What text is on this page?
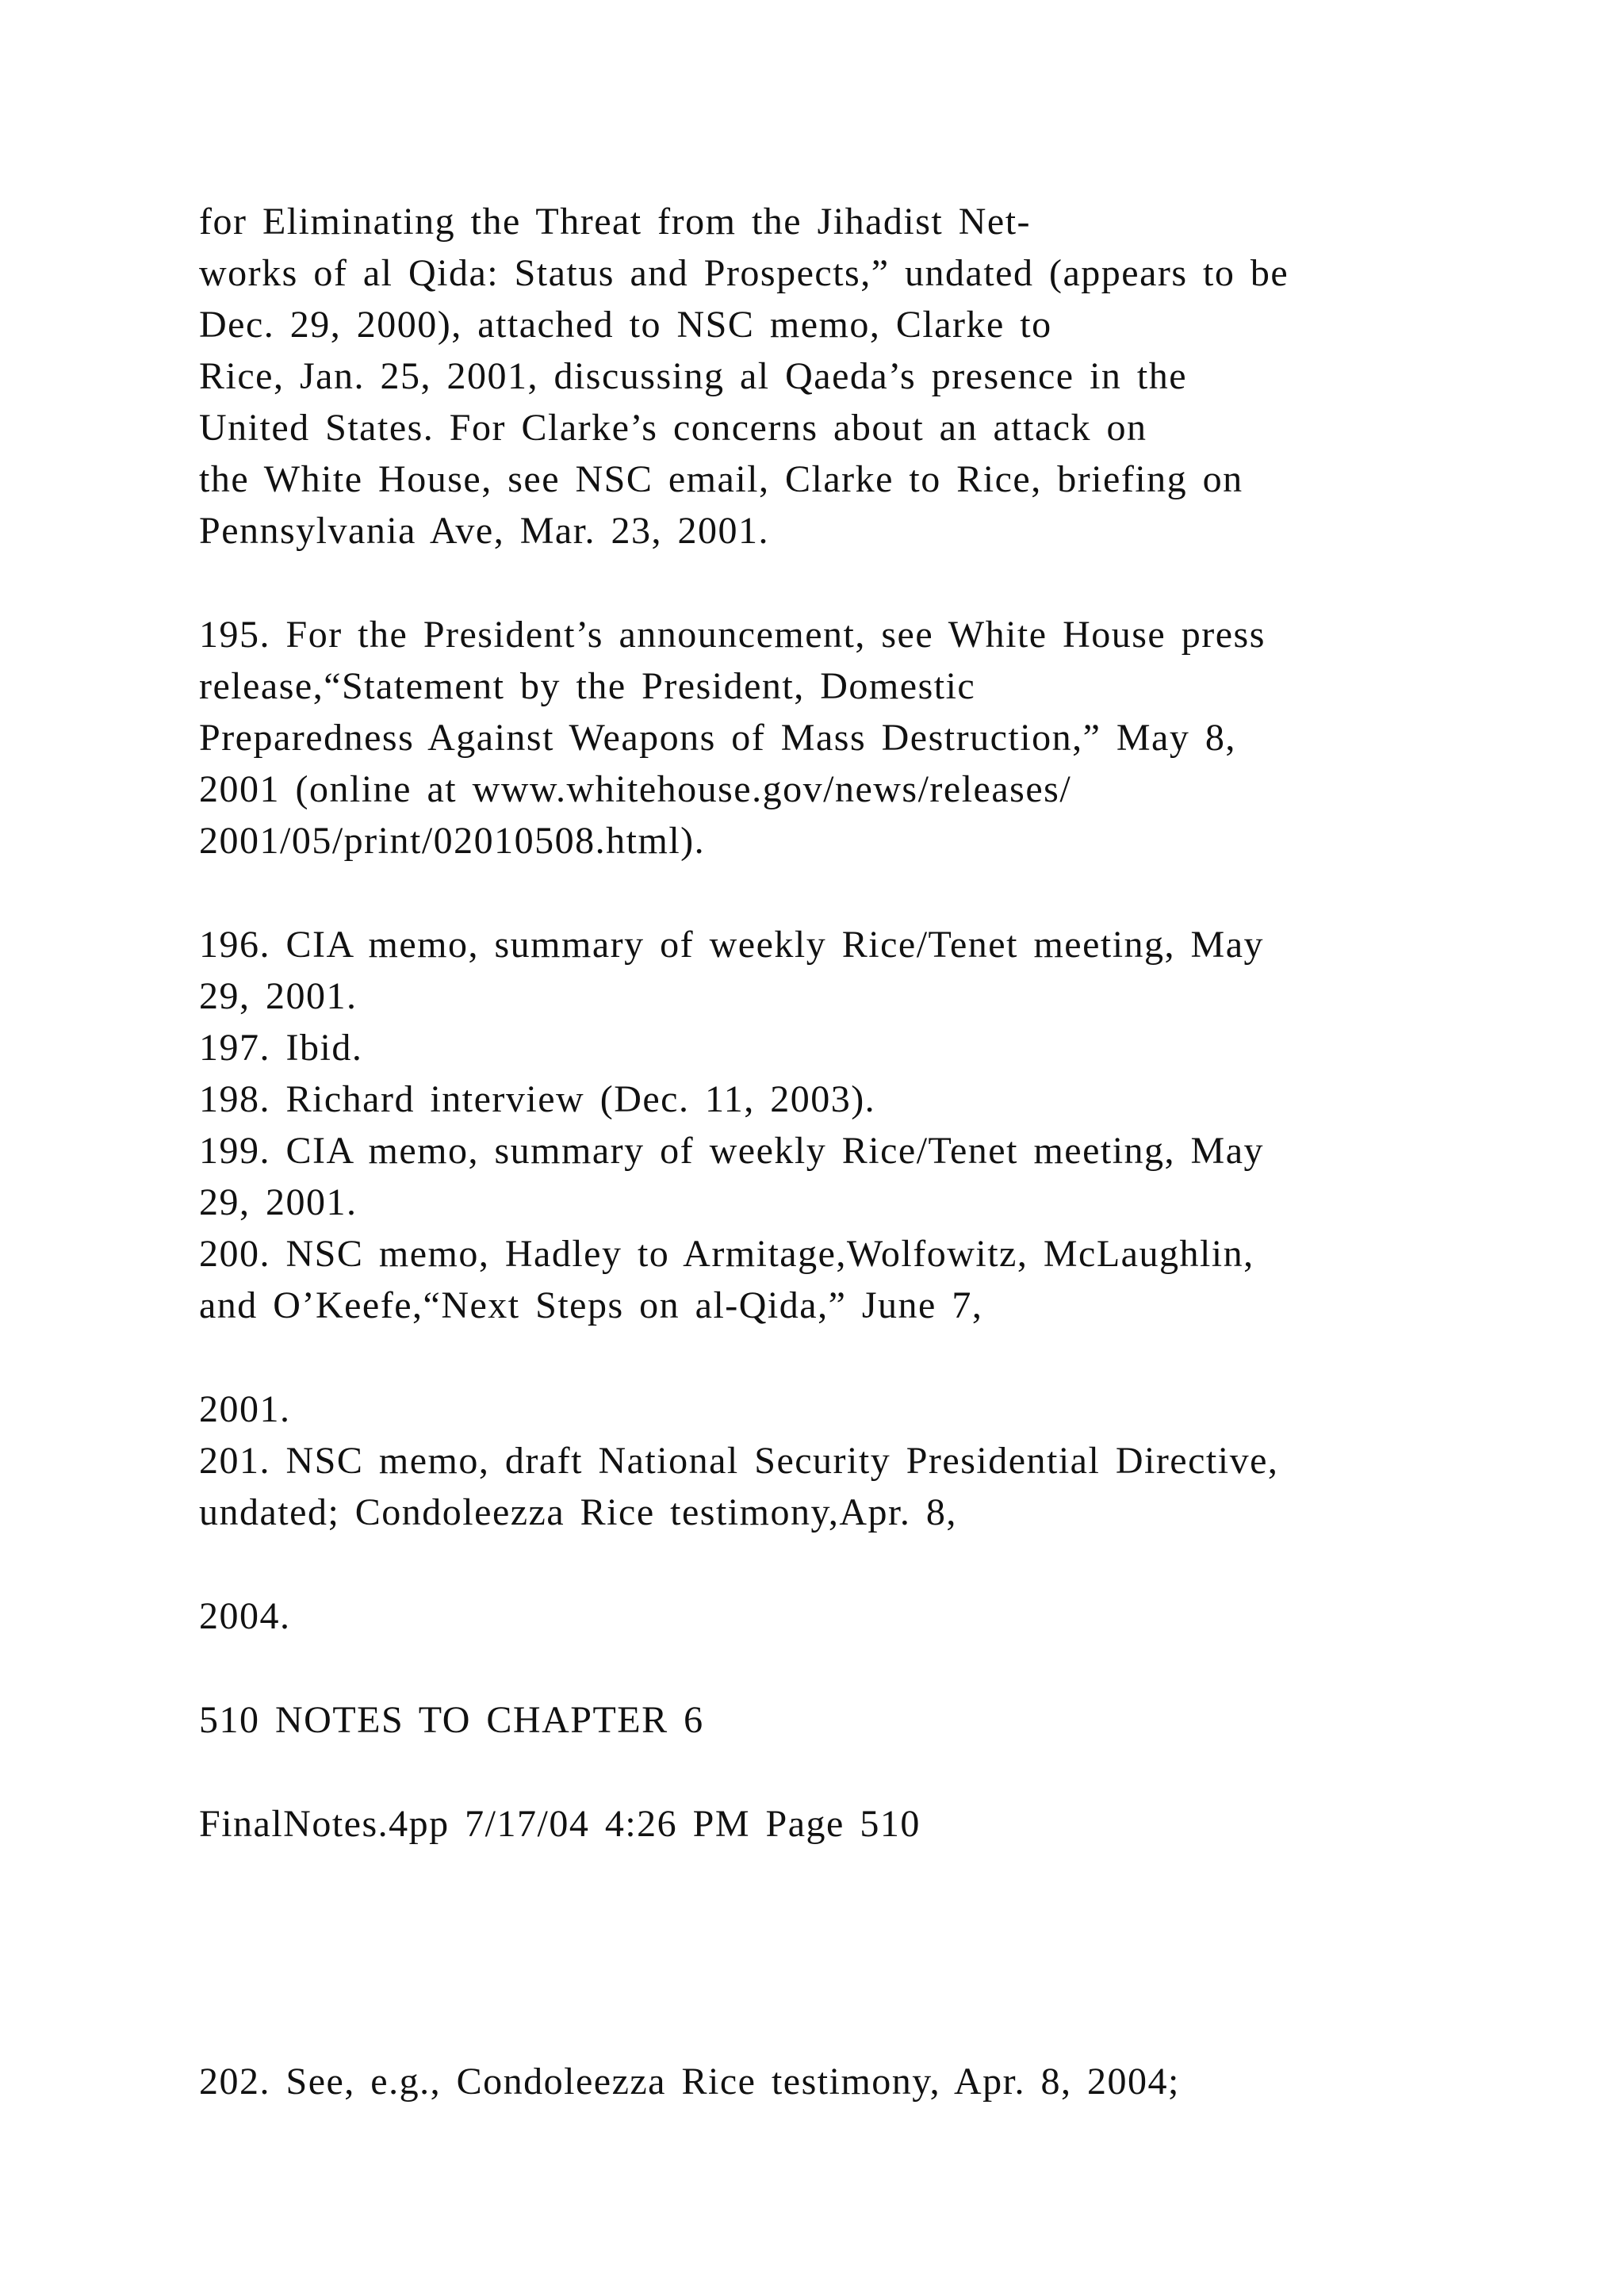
for Eliminating the Threat from the Jihadist Net-
works of al Qida: Status and Prospects,” undated (appears to be
Dec. 29, 2000), attached to NSC memo, Clarke to
Rice, Jan. 25, 2001, discussing al Qaeda’s presence in the
United States. For Clarke’s concerns about an attack on
the White House, see NSC email, Clarke to Rice, briefing on
Pennsylvania Ave, Mar. 23, 2001.
195. For the President’s announcement, see White House press
release,“Statement by the President, Domestic
Preparedness Against Weapons of Mass Destruction,” May 8,
2001 (online at www.whitehouse.gov/news/releases/
2001/05/print/02010508.html).
196. CIA memo, summary of weekly Rice/Tenet meeting, May
29, 2001.
197. Ibid.
198. Richard interview (Dec. 11, 2003).
199. CIA memo, summary of weekly Rice/Tenet meeting, May
29, 2001.
200. NSC memo, Hadley to Armitage,Wolfowitz, McLaughlin,
and O’Keefe,“Next Steps on al-Qida,” June 7,
2001.
201. NSC memo, draft National Security Presidential Directive,
undated; Condoleezza Rice testimony,Apr. 8,
2004.
510 NOTES TO CHAPTER 6
FinalNotes.4pp 7/17/04 4:26 PM Page 510
202. See, e.g., Condoleezza Rice testimony, Apr. 8, 2004;
